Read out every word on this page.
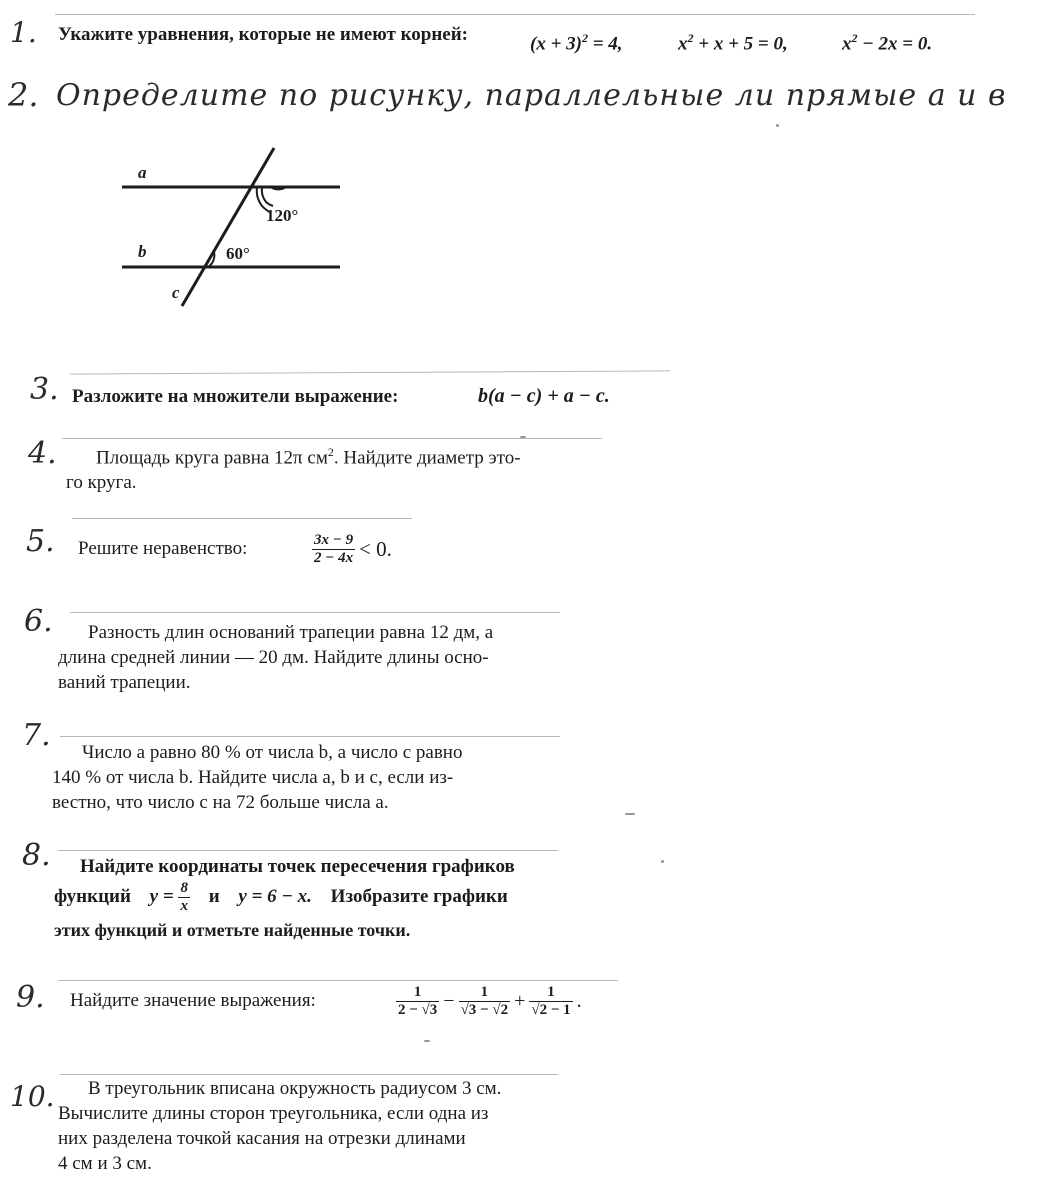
1. Укажите уравнения, которые не имеют корней:	$(x + 3)^2 = 4$,	$x^2 + x + 5 = 0$,	$x^2 - 2x = 0$.
2. Определите по рисунку, параллельные ли прямые а и в
a
b
c
120°
60°
3. Разложите на множители выражение:	b(a − c) + a − c.
4.	Площадь круга равна 12π $см^2$. Найдите диаметр это-
го круга.
5. Решите неравенство:	$\frac{3x - 9}{2 - 4x} < 0$.
6.	Разность длин оснований трапеции равна 12 дм, а
длина средней линии — 20 дм. Найдите длины осно-
ваний трапеции.
7.	Число a равно 80 % от числа b, а число c равно
140 % от числа b. Найдите числа a, b и c, если из-
вестно, что число c на 72 больше числа a.
8. Найдите координаты точек пересечения графиков
функций $y = \frac{8}{x}$ и y = 6 − x. Изобразите графики
этих функций и отметьте найденные точки.
9. Найдите значение выражения:	$\frac{1}{2 - √3} - \frac{1}{√3 - √2} + \frac{1}{√2 - 1}$ .
10.	В треугольник вписана окружность радиусом 3 см.
Вычислите длины сторон треугольника, если одна из
них разделена точкой касания на отрезки длинами
4 см и 3 см.
